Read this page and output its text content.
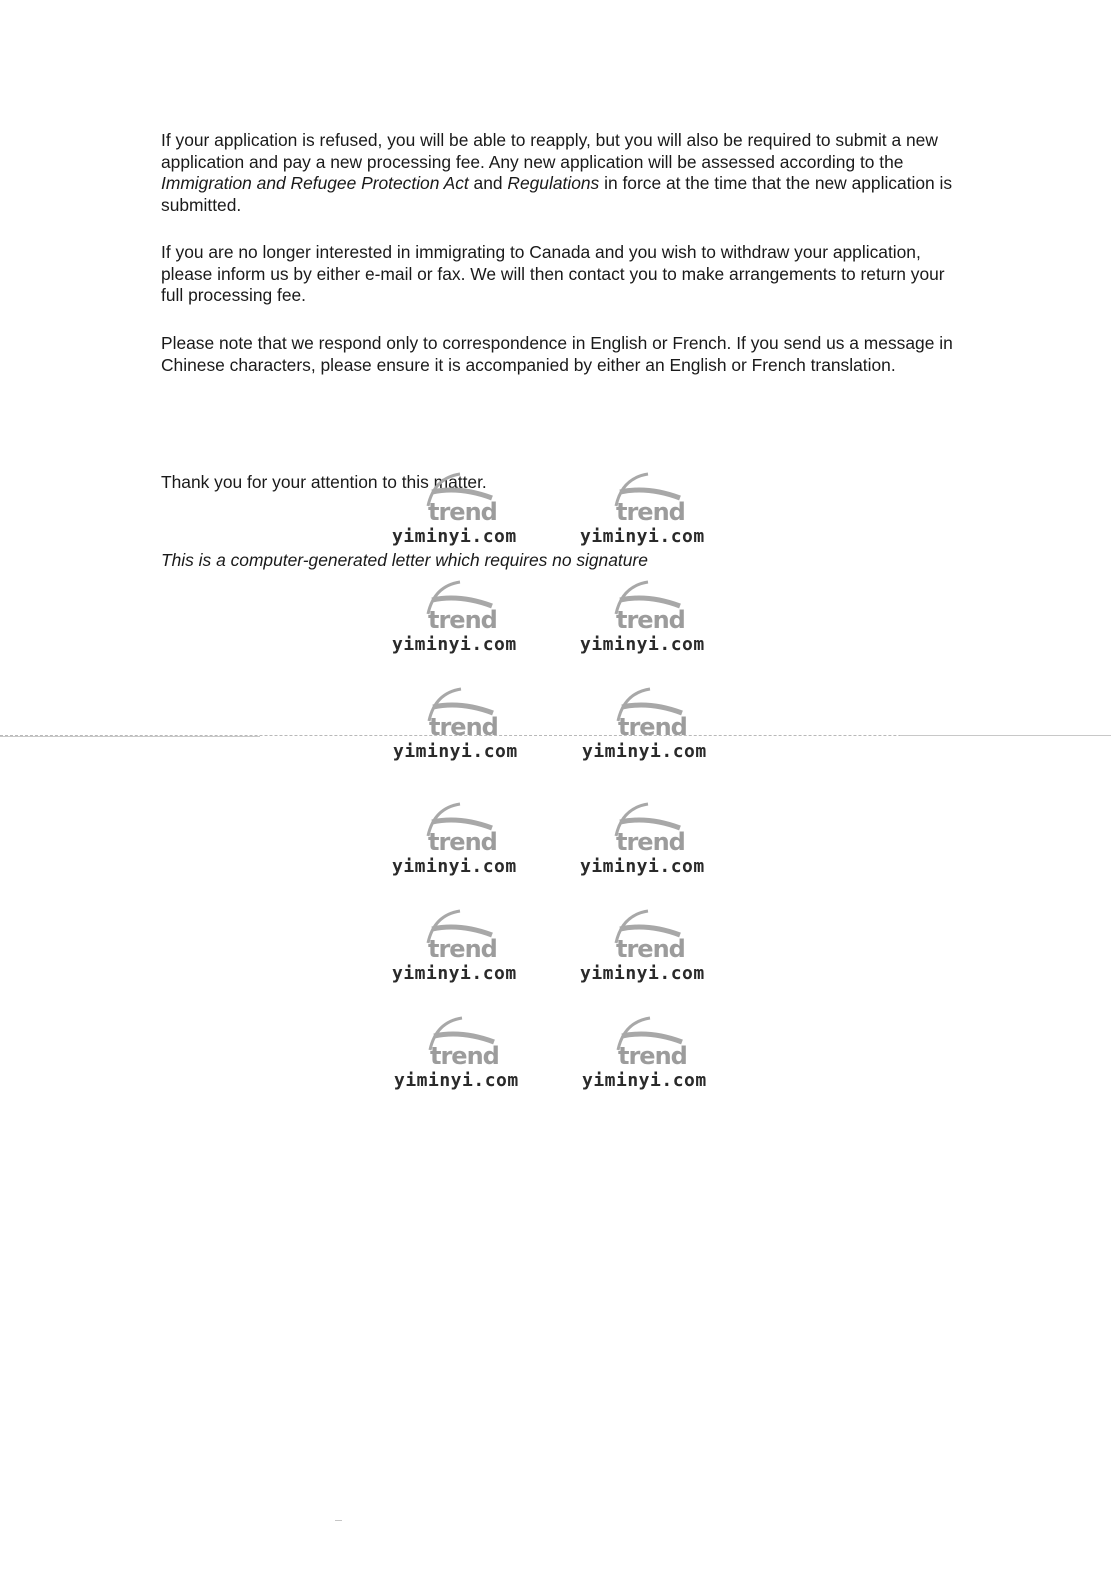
If your application is refused, you will be able to reapply, but you will also be required to submit a new application and pay a new processing fee. Any new application will be assessed according to the Immigration and Refugee Protection Act and Regulations in force at the time that the new application is submitted.

If you are no longer interested in immigrating to Canada and you wish to withdraw your application, please inform us by either e-mail or fax. We will then contact you to make arrangements to return your full processing fee.

Please note that we respond only to correspondence in English or French. If you send us a message in Chinese characters, please ensure it is accompanied by either an English or French translation.

Thank you for your attention to this matter.

This is a computer-generated letter which requires no signature

trend
yiminyi.com
trend
yiminyi.com
trend
yiminyi.com
trend
yiminyi.com
trend
yiminyi.com
trend
yiminyi.com
trend
yiminyi.com
trend
yiminyi.com
trend
yiminyi.com
trend
yiminyi.com
trend
yiminyi.com
trend
yiminyi.com
